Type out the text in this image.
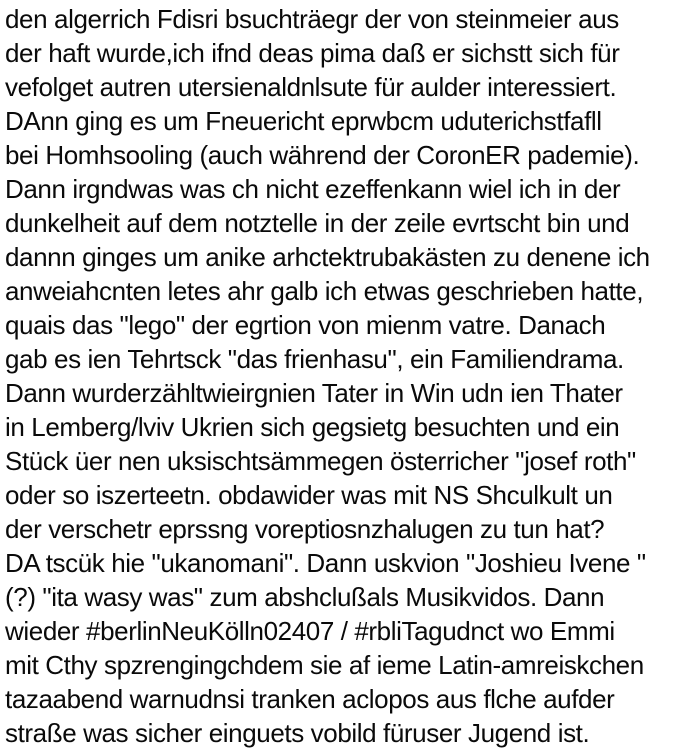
den algerrich Fdisri bsuchträegr der von steinmeier aus
der haft wurde,ich ifnd deas pima daß er sichstt sich für
vefolget autren utersienaldnlsute für aulder interessiert.
DAnn ging es um Fneuericht eprwbcm uduterichstfafll
bei Homhsooling (auch während der CoronER pademie).
Dann irgndwas was ch nicht ezeffenkann wiel ich in der
dunkelheit auf dem notztelle in der zeile evrtscht bin und
dannn ginges um anike arhctektrubakästen zu denene ich
anweiahcnten letes ahr galb ich etwas geschrieben hatte,
quais das "lego" der egrtion von mienm vatre. Danach
gab es ien Tehrtsck "das frienhasu", ein Familiendrama.
Dann wurderzähltwieirgnien Tater in Win udn ien Thater
in Lemberg/lviv Ukrien sich gegsietg besuchten und ein
Stück üer nen uksischtsämmegen österricher "josef roth"
oder so iszerteetn. obdawider was mit NS Shculkult un
der verschetr eprssng voreptiosnzhalugen zu tun hat?
DA tscük hie "ukanomani". Dann uskvion "Joshieu Ivene "
(?) "ita wasy was" zum abshclußals Musikvidos. Dann
wieder #berlinNeuKölln02407 / #rbliTagudnct wo Emmi
mit Cthy spzrengingchdem sie af ieme Latin-amreiskchen
tazaabend warnudnsi tranken aclopos aus flche aufder
straße was sicher einguets vobild füruser Jugend ist.
